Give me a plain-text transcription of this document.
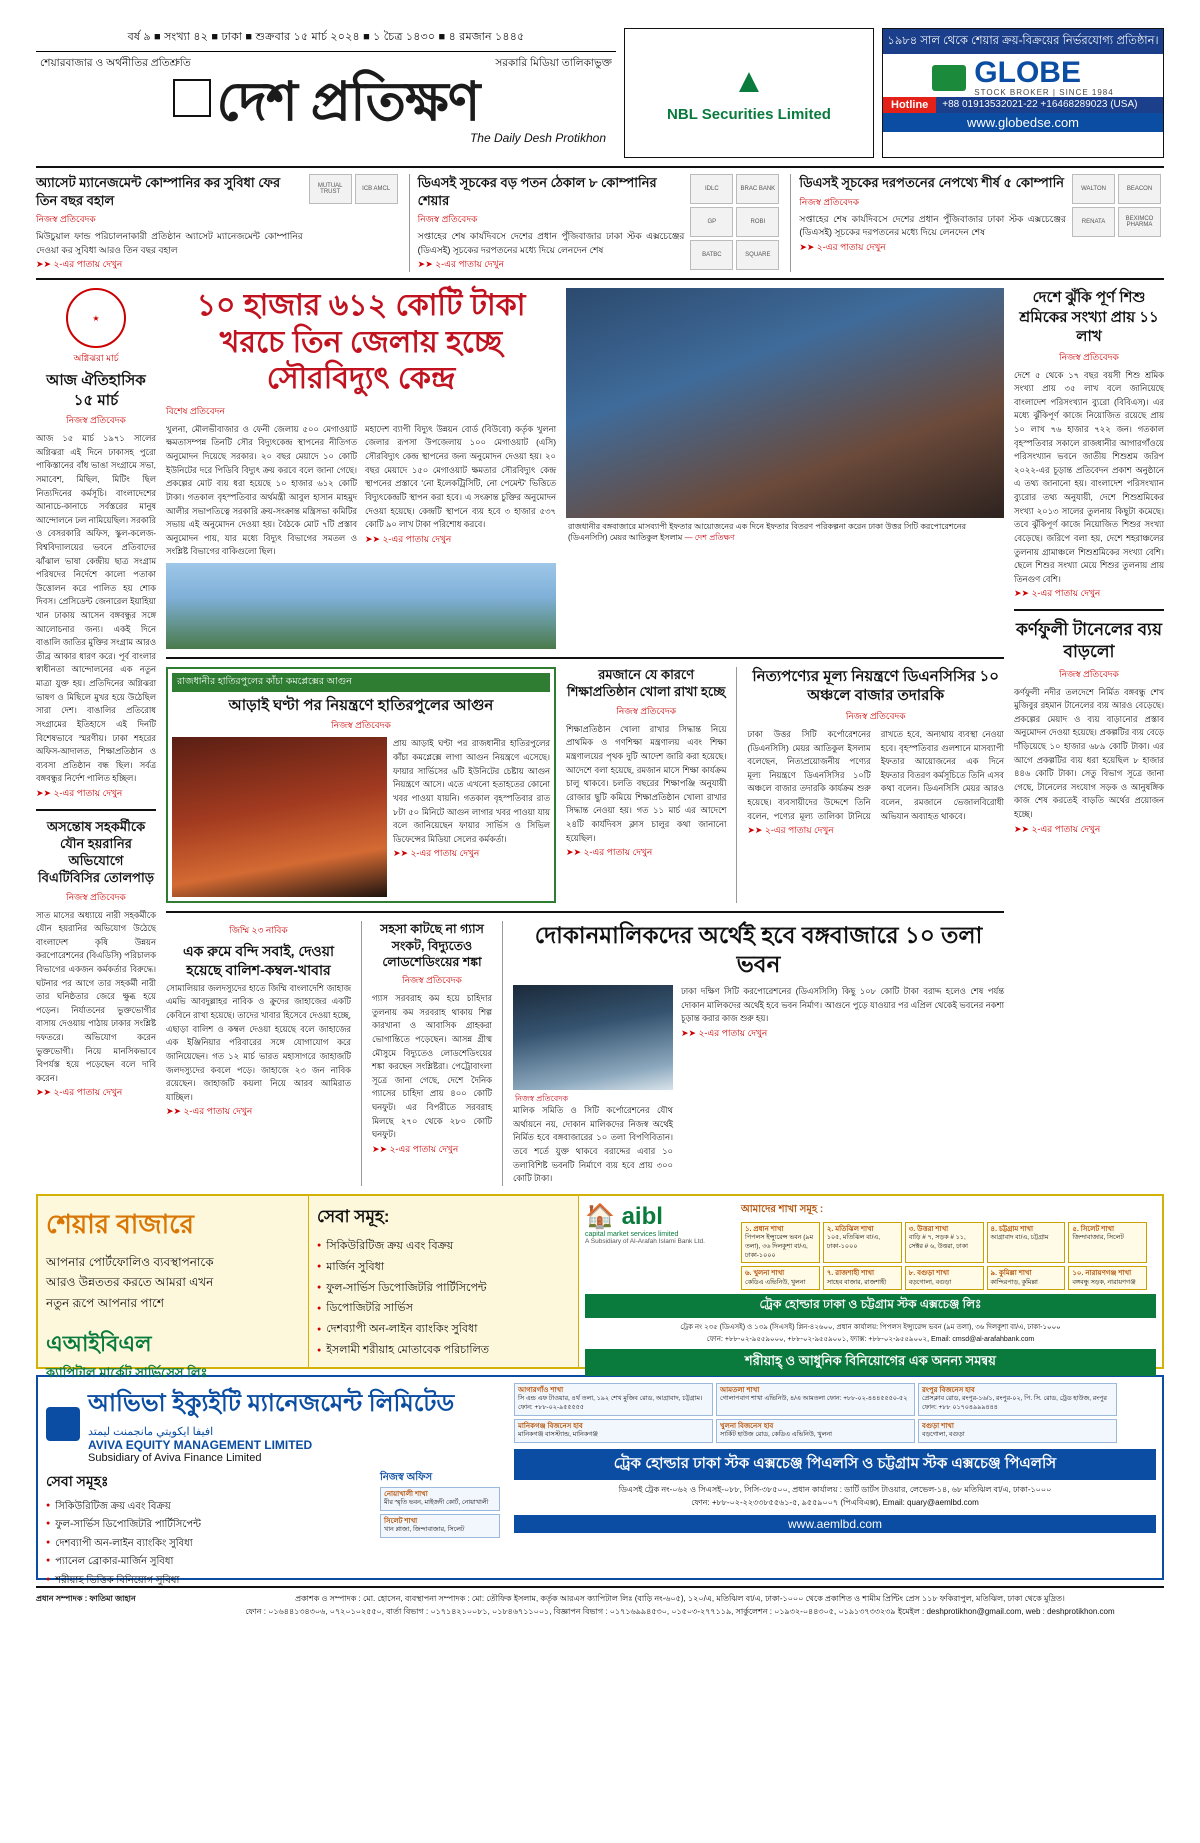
বর্ষ ৯ ■ সংখ্যা ৪২ ■ ঢাকা ■ শুক্রবার ১৫ মার্চ ২০২৪ ■ ১ চৈত্র ১৪৩০ ■ ৪ রমজান ১৪৪৫
শেয়ারবাজার ও অর্থনীতির প্রতিশ্রুতি	সরকারি মিডিয়া তালিকাভুক্ত
দেশ প্রতিক্ষণ
The Daily Desh Protikhon
▲
NBL Securities Limited
১৯৮৪ সাল থেকে শেয়ার ক্রয়-বিক্রয়ের নির্ভরযোগ্য প্রতিষ্ঠান।
GLOBE
STOCK BROKER | SINCE 1984
Hotline	+88 01913532021-22 +16468289023 (USA)
www.globedse.com
অ্যাসেট ম্যানেজমেন্ট কোম্পানির কর সুবিধা ফের তিন বছর বহাল
নিজস্ব প্রতিবেদক

মিউচুয়াল ফান্ড পরিচালনাকারী প্রতিষ্ঠান অ্যাসেট ম্যানেজমেন্ট কোম্পানির দেওয়া কর সুবিধা আরও তিন বছর বহাল

➤➤ ২-এর পাতায় দেখুন
MUTUAL TRUST	ICB AMCL	ডিএসই সূচকের বড় পতন ঠেকাল ৮ কোম্পানির শেয়ার
নিজস্ব প্রতিবেদক

সপ্তাহের শেষ কার্যদিবসে দেশের প্রধান পুঁজিবাজার ঢাকা স্টক এক্সচেঞ্জের (ডিএসই) সূচকের দরপতনের মধ্যে দিয়ে লেনদেন শেষ

➤➤ ২-এর পাতায় দেখুন
IDLC	BRAC BANK
GP	ROBI
BATBC	SQUARE
ডিএসই সূচকের দরপতনের নেপথ্যে শীর্ষ ৫ কোম্পানি
নিজস্ব প্রতিবেদক

সপ্তাহের শেষ কার্যদিবসে দেশের প্রধান পুঁজিবাজার ঢাকা স্টক এক্সচেঞ্জের (ডিএসই) সূচকের দরপতনের মধ্যে দিয়ে লেনদেন শেষ

➤➤ ২-এর পাতায় দেখুন
WALTON	BEACON
RENATA	BEXIMCO PHARMA
★
অগ্নিঝরা মার্চ
আজ ঐতিহাসিক ১৫ মার্চ
নিজস্ব প্রতিবেদক
আজ ১৫ মার্চ ১৯৭১ সালের অগ্নিঝরা এই দিনে ঢাকাসহ পুরো পাকিস্তানের বাঁধ ভাঙা সংগ্রামে সভা, সমাবেশ, মিছিল, মিটিং ছিল নিত্যদিনের কর্মসূচি। বাংলাদেশের আনাচে-কানাচে সর্বস্তরের মানুষ আন্দোলনে ঢল নামিয়েছিল। সরকারি ও বেসরকারি অফিস, স্কুল-কলেজ-বিশ্ববিদ্যালয়ের ভবনে প্রতিবাদের ঝাঁঝাল ভাষা কেন্দ্রীয় ছাত্র সংগ্রাম পরিষদের নির্দেশে কালো পতাকা উত্তোলন করে পালিত হয় শোক দিবস। প্রেসিডেন্ট জেনারেল ইয়াহিয়া খান ঢাকায় আসেন বঙ্গবন্ধুর সঙ্গে আলোচনার জন্য। একই দিনে বাঙালি জাতির মুক্তির সংগ্রাম আরও তীব্র আকার ধারণ করে। পূর্ব বাংলার স্বাধীনতা আন্দোলনের এক নতুন মাত্রা যুক্ত হয়। প্রতিদিনের অগ্নিঝরা ভাষণ ও মিছিলে মুখর হয়ে উঠেছিল সারা দেশ। বাঙালির প্রতিরোধ সংগ্রামের ইতিহাসে এই দিনটি বিশেষভাবে স্মরণীয়। ঢাকা শহরের অফিস-আদালত, শিক্ষাপ্রতিষ্ঠান ও ব্যবসা প্রতিষ্ঠান বন্ধ ছিল। সর্বত্র বঙ্গবন্ধুর নির্দেশ পালিত হচ্ছিল।
➤➤ ২-এর পাতায় দেখুন
অসন্তোষ সহকর্মীকে যৌন হয়রানির অভিযোগে বিএটিবিসির তোলপাড়
নিজস্ব প্রতিবেদক
সাত মাসের অধ্যায়ে নারী সহকর্মীকে যৌন হয়রানির অভিযোগ উঠেছে বাংলাদেশ কৃষি উন্নয়ন করপোরেশনের (বিএডিসি) পরিচালক বিভাগের একজন কর্মকর্তার বিরুদ্ধে। ঘটনার পর আগে তার সহকর্মী নারী তার ঘনিষ্ঠতার জেরে ক্ষুব্ধ হয়ে পড়েন। নির্যাতনের ভুক্তভোগীর বাসায় দেওয়ায় পাঠায় ঢাকার সংশ্লিষ্ট দফতরে। অভিযোগ করেন ভুক্তভোগী। নিয়ে মানসিকভাবে বিপর্যস্ত হয়ে পড়েছেন বলে দাবি করেন।
➤➤ ২-এর পাতায় দেখুন
১০ হাজার ৬১২ কোটি টাকা খরচে তিন জেলায় হচ্ছে সৌরবিদ্যুৎ কেন্দ্র
বিশেষ প্রতিবেদন
খুলনা, মৌলভীবাজার ও ফেনী জেলায় ৫০০ মেগাওয়াট ক্ষমতাসম্পন্ন তিনটি সৌর বিদ্যুৎকেন্দ্র স্থাপনের নীতিগত অনুমোদন দিয়েছে সরকার। ২০ বছর মেয়াদে ১০ কোটি ইউনিটের দরে পিডিবি বিদ্যুৎ ক্রয় করবে বলে জানা গেছে। প্রকল্পের মোট ব্যয় ধরা হয়েছে ১০ হাজার ৬১২ কোটি টাকা। গতকাল বৃহস্পতিবার অর্থমন্ত্রী আবুল হাসান মাহমুদ আলীর সভাপতিত্বে সরকারি ক্রয়-সংক্রান্ত মন্ত্রিসভা কমিটির সভায় এই অনুমোদন দেওয়া হয়। বৈঠকে মোট ৭টি প্রস্তাব অনুমোদন পায়, যার মধ্যে বিদ্যুৎ বিভাগের সমতল ও সংশ্লিষ্ট বিভাগের বাকিগুলো ছিল।
মহাদেশ ব্যাপী বিদ্যুৎ উন্নয়ন বোর্ড (বিউবো) কর্তৃক খুলনা জেলার রূপসা উপজেলায় ১০০ মেগাওয়াট (এসি) সৌরবিদ্যুৎ কেন্দ্র স্থাপনের জন্য অনুমোদন দেওয়া হয়। ২০ বছর মেয়াদে ১৫০ মেগাওয়াট ক্ষমতার সৌরবিদ্যুৎ কেন্দ্র স্থাপনের প্রস্তাবে 'নো ইলেকট্রিসিটি, নো পেমেন্ট' ভিত্তিতে বিদ্যুৎকেন্দ্রটি স্থাপন করা হবে। এ সংক্রান্ত চুক্তির অনুমোদন দেওয়া হয়েছে। কেন্দ্রটি স্থাপনে ব্যয় হবে ৩ হাজার ৫৩৭ কোটি ৯০ লাখ টাকা পরিশোধ করবে।
➤➤ ২-এর পাতায় দেখুন
রাজধানীর বঙ্গবাজারে মাসব্যাপী ইফতার আয়োজনের এক দিনে ইফতার বিতরণ পরিকল্পনা করেন ঢাকা উত্তর সিটি করপোরেশনের (ডিএনসিসি) মেয়র আতিকুল ইসলাম — দেশ প্রতিক্ষণ
রাজধানীর হাতিরপুলের কাঁচা কমপ্লেক্সের আগুন
আড়াই ঘণ্টা পর নিয়ন্ত্রণে হাতিরপুলের আগুন
নিজস্ব প্রতিবেদক
প্রায় আড়াই ঘণ্টা পর রাজধানীর হাতিরপুলের কাঁচা কমপ্লেক্সে লাগা আগুন নিয়ন্ত্রণে এসেছে। ফায়ার সার্ভিসের ৬টি ইউনিটের চেষ্টায় আগুন নিয়ন্ত্রণে আসে। এতে এখনো হতাহতের কোনো খবর পাওয়া যায়নি। গতকাল বৃহস্পতিবার রাত ৮টা ৫০ মিনিটে আগুন লাগার খবর পাওয়া যায় বলে জানিয়েছেন ফায়ার সার্ভিস ও সিভিল ডিফেন্সের মিডিয়া সেলের কর্মকর্তা।
➤➤ ২-এর পাতায় দেখুন
রমজানে যে কারণে শিক্ষাপ্রতিষ্ঠান খোলা রাখা হচ্ছে
নিজস্ব প্রতিবেদক
শিক্ষাপ্রতিষ্ঠান খোলা রাখার সিদ্ধান্ত নিয়ে প্রাথমিক ও গণশিক্ষা মন্ত্রণালয় এবং শিক্ষা মন্ত্রণালয়ের পৃথক দুটি আদেশ জারি করা হয়েছে। আদেশে বলা হয়েছে, রমজান মাসে শিক্ষা কার্যক্রম চালু থাকবে। চলতি বছরের শিক্ষাপঞ্জি অনুযায়ী রোজার ছুটি কমিয়ে শিক্ষাপ্রতিষ্ঠান খোলা রাখার সিদ্ধান্ত নেওয়া হয়। গত ১১ মার্চ এর আদেশে ২৪টি কার্যদিবস ক্লাস চালুর কথা জানানো হয়েছিল।
➤➤ ২-এর পাতায় দেখুন
নিত্যপণ্যের মূল্য নিয়ন্ত্রণে ডিএনসিসির ১০ অঞ্চলে বাজার তদারকি
নিজস্ব প্রতিবেদক
ঢাকা উত্তর সিটি কর্পোরেশনের (ডিএনসিসি) মেয়র আতিকুল ইসলাম বলেছেন, নিত্যপ্রয়োজনীয় পণ্যের মূল্য নিয়ন্ত্রণে ডিএনসিসির ১০টি অঞ্চলে বাজার তদারকি কার্যক্রম শুরু হয়েছে। ব্যবসায়ীদের উদ্দেশে তিনি বলেন, পণ্যের মূল্য তালিকা টানিয়ে রাখতে হবে, অন্যথায় ব্যবস্থা নেওয়া হবে। বৃহস্পতিবার গুলশানে মাসব্যাপী ইফতার আয়োজনের এক দিনে ইফতার বিতরণ কর্মসূচিতে তিনি এসব কথা বলেন। ডিএনসিসি মেয়র আরও বলেন, রমজানে ভেজালবিরোধী অভিযান অব্যাহত থাকবে।
➤➤ ২-এর পাতায় দেখুন
জিম্মি ২৩ নাবিক
এক রুমে বন্দি সবাই, দেওয়া হয়েছে বালিশ-কম্বল-খাবার
সোমালিয়ার জলদস্যুদের হাতে জিম্মি বাংলাদেশি জাহাজ এমভি আবদুল্লাহর নাবিক ও ক্রুদের জাহাজের একটি কেবিনে রাখা হয়েছে। তাদের খাবার হিসেবে দেওয়া হচ্ছে, এছাড়া বালিশ ও কম্বল দেওয়া হয়েছে বলে জাহাজের এক ইঞ্জিনিয়ার পরিবারের সঙ্গে যোগাযোগ করে জানিয়েছেন। গত ১২ মার্চ ভারত মহাসাগরে জাহাজটি জলদস্যুদের কবলে পড়ে। জাহাজে ২৩ জন নাবিক রয়েছেন। জাহাজটি কয়লা নিয়ে আরব আমিরাত যাচ্ছিল।
➤➤ ২-এর পাতায় দেখুন
সহসা কাটছে না গ্যাস সংকট, বিদ্যুতেও লোডশেডিংয়ের শঙ্কা
নিজস্ব প্রতিবেদক
গ্যাস সরবরাহ কম হয়ে চাহিদার তুলনায় কম সরবরাহ থাকায় শিল্প কারখানা ও আবাসিক গ্রাহকরা ভোগান্তিতে পড়েছেন। আসন্ন গ্রীষ্ম মৌসুমে বিদ্যুতেও লোডশেডিংয়ের শঙ্কা করছেন সংশ্লিষ্টরা। পেট্রোবাংলা সূত্রে জানা গেছে, দেশে দৈনিক গ্যাসের চাহিদা প্রায় ৪০০ কোটি ঘনফুট। এর বিপরীতে সরবরাহ মিলছে ২৭০ থেকে ২৮০ কোটি ঘনফুট।
➤➤ ২-এর পাতায় দেখুন
দোকানমালিকদের অর্থেই হবে বঙ্গবাজারে ১০ তলা ভবন
নিজস্ব প্রতিবেদক
মালিক সমিতি ও সিটি কর্পোরেশনের যৌথ অর্থায়নে নয়, দোকান মালিকদের নিজস্ব অর্থেই নির্মিত হবে বঙ্গবাজারের ১০ তলা বিপণিবিতান। তবে শর্তে যুক্ত থাকবে বরাদ্দের এবার ১০ তলাবিশিষ্ট ভবনটি নির্মাণে ব্যয় হবে প্রায় ৩০০ কোটি টাকা।
ঢাকা দক্ষিণ সিটি করপোরেশনের (ডিএসসিসি) কিছু ১০৮ কোটি টাকা বরাদ্দ হলেও শেষ পর্যন্ত দোকান মালিকদের অর্থেই হবে ভবন নির্মাণ। আগুনে পুড়ে যাওয়ার পর এপ্রিল থেকেই ভবনের নকশা চূড়ান্ত করার কাজ শুরু হয়।
➤➤ ২-এর পাতায় দেখুন
দেশে ঝুঁকি পূর্ণ শিশু শ্রমিকের সংখ্যা প্রায় ১১ লাখ
নিজস্ব প্রতিবেদক
দেশে ৫ থেকে ১৭ বছর বয়সী শিশু শ্রমিক সংখ্যা প্রায় ৩৫ লাখ বলে জানিয়েছে বাংলাদেশ পরিসংখ্যান ব্যুরো (বিবিএস)। এর মধ্যে ঝুঁকিপূর্ণ কাজে নিয়োজিত রয়েছে প্রায় ১০ লাখ ৭৬ হাজার ৭২২ জন। গতকাল বৃহস্পতিবার সকালে রাজধানীর আগারগাঁওয়ে পরিসংখ্যান ভবনে জাতীয় শিশুশ্রম জরিপ ২০২২-এর চূড়ান্ত প্রতিবেদন প্রকাশ অনুষ্ঠানে এ তথ্য জানানো হয়। বাংলাদেশ পরিসংখ্যান ব্যুরোর তথ্য অনুযায়ী, দেশে শিশুশ্রমিকের সংখ্যা ২০১৩ সালের তুলনায় কিছুটা কমেছে। তবে ঝুঁকিপূর্ণ কাজে নিয়োজিত শিশুর সংখ্যা বেড়েছে। জরিপে বলা হয়, দেশে শহরাঞ্চলের তুলনায় গ্রামাঞ্চলে শিশুশ্রমিকের সংখ্যা বেশি। ছেলে শিশুর সংখ্যা মেয়ে শিশুর তুলনায় প্রায় তিনগুণ বেশি।
➤➤ ২-এর পাতায় দেখুন
কর্ণফুলী টানেলের ব্যয় বাড়লো
নিজস্ব প্রতিবেদক
কর্ণফুলী নদীর তলদেশে নির্মিত বঙ্গবন্ধু শেখ মুজিবুর রহমান টানেলের ব্যয় আরও বেড়েছে। প্রকল্পের মেয়াদ ও ব্যয় বাড়ানোর প্রস্তাব অনুমোদন দেওয়া হয়েছে। প্রকল্পটির ব্যয় বেড়ে দাঁড়িয়েছে ১০ হাজার ৬৮৯ কোটি টাকা। এর আগে প্রকল্পটির ব্যয় ধরা হয়েছিল ৮ হাজার ৪৪৬ কোটি টাকা। সেতু বিভাগ সূত্রে জানা গেছে, টানেলের সংযোগ সড়ক ও আনুষঙ্গিক কাজ শেষ করতেই বাড়তি অর্থের প্রয়োজন হচ্ছে।
➤➤ ২-এর পাতায় দেখুন
শেয়ার বাজারে
আপনার পোর্টফোলিও ব্যবস্থাপনাকে
আরও উন্নততর করতে আমরা এখন
নতুন রূপে আপনার পাশে
এআইবিএল
ক্যাপিটাল মার্কেট সার্ভিসেস লিঃ
সেবা সমূহ:
● সিকিউরিটিজ ক্রয় এবং বিক্রয়
● মার্জিন সুবিধা
● ফুল-সার্ভিস ডিপোজিটরি পার্টিসিপেন্ট
● ডিপোজিটরি সার্ভিস
● দেশব্যাপী অন-লাইন ব্যাংকিং সুবিধা
● ইসলামী শরীয়াহ মোতাবেক পরিচালিত
🏠 aibl
capital market services limited
A Subsidiary of Al-Arafah Islami Bank Ltd.
আমাদের শাখা সমূহ :
১. প্রধান শাখা
পিপলস ইন্স্যুরেন্স ভবন (৯ম তলা), ৩৬ দিলকুশা বা/এ, ঢাকা-১০০০
২. মতিঝিল শাখা
১০৫, মতিঝিল বা/এ, ঢাকা-১০০০
৩. উত্তরা শাখা
বাড়ি # ৭, সড়ক # ১১, সেক্টর # ৬, উত্তরা, ঢাকা
৪. চট্টগ্রাম শাখা
আগ্রাবাদ বা/এ, চট্টগ্রাম
৫. সিলেট শাখা
জিন্দাবাজার, সিলেট
৬. খুলনা শাখা
কেডিএ এভিনিউ, খুলনা
৭. রাজশাহী শাখা
সাহেব বাজার, রাজশাহী
৮. বগুড়া শাখা
বড়গোলা, বগুড়া
৯. কুমিল্লা শাখা
কান্দিরপাড়, কুমিল্লা
১০. নারায়ণগঞ্জ শাখা
বঙ্গবন্ধু সড়ক, নারায়ণগঞ্জ
ট্রেক হোল্ডার ঢাকা ও চট্টগ্রাম স্টক এক্সচেঞ্জ লিঃ
ট্রেক নং ২৩৫ (ডিএসই) ও ১৩৯ (সিএসই) প্লিন-৪২৬০০, প্রধান কার্যালয়: পিপলস ইন্স্যুরেন্স ভবন (৯ম তলা), ৩৬ দিলকুশা বা/এ, ঢাকা-১০০০
ফোন: +৮৮-০২-৯৫৫৯০০০, +৮৮-০২-৯৫৫৯০০১, ফ্যাক্স: +৮৮-০২-৯৫৫৯০০২, Email: cmsd@al-arafahbank.com
শরীয়াহ্ ও আধুনিক বিনিয়োগের এক অনন্য সমন্বয়
আভিভা ইক্যুইটি ম্যানেজমেন্ট লিমিটেড
افيفا ايكويتي مانجمنت ليمتد
AVIVA EQUITY MANAGEMENT LIMITED
Subsidiary of Aviva Finance Limited
সেবা সমূহঃ
● সিকিউরিটিজ ক্রয় এবং বিক্রয়
● ফুল-সার্ভিস ডিপোজিটরি পার্টিসিপেন্ট
● দেশব্যাপী অন-লাইন ব্যাংকিং সুবিধা
● প্যানেল ব্রোকার-মার্জিন সুবিধা
● শরীয়াহ ভিত্তিক বিনিয়োগ সুবিধা
নিজস্ব অফিস
নোয়াখালী শাখা
মীর স্মৃতি ভবন, মাইজদী কোর্ট, নোয়াখালী
সিলেট শাখা
খান প্লাজা, জিন্দাবাজার, সিলেট
আগারগাঁও শাখা
সি এন্ড এফ টাওয়ার, ৪র্থ তলা, ১৯২ শেখ মুজিব রোড, আগ্রাবাদ, চট্টগ্রাম। ফোন: +৮৮-০২-৯৫৫৫৫৫
আমতলা শাখা
গোলাপবাগ শাখা এভিনিউ, ৪/এ আমতলা ফোন: +৮৮-০২-৪৪৪৫৫৫০-৫২
রংপুর বিজনেস হাব
প্রেসক্লাব রোড, রংপুর-১৬/১, রংপুর-০২, পি. সি. রোড, ট্রেড হাউজ, রংপুর ফোন: +৮৮ ০১৭০৪৯৯৯৪৪৪
মানিকগঞ্জ বিজনেস হাব
মানিকগঞ্জ বাসস্ট্যান্ড, মানিকগঞ্জ
খুলনা বিজনেস হাব
সার্কিট হাউজ রোড, কেডিএ এভিনিউ, খুলনা
বগুড়া শাখা
বড়গোলা, বগুড়া
ট্রেক হোল্ডার ঢাকা স্টক এক্সচেঞ্জ পিএলসি ও চট্টগ্রাম স্টক এক্সচেঞ্জ পিএলসি
ডিএসই ট্রেক নং-০৬২ ও সিএসই-০৮৮, সিসি-৩৮৫০০, প্রধান কার্যালয় : ডার্টি ডার্টস টাওয়ার, লেভেল-১৪, ৬৮ মতিঝিল বা/এ, ঢাকা-১০০০
ফোন: +৮৮-০২-২২৩৩৮৫৫৬১-৫, ৯৫৫৯০০৭ (পিএবিএক্স), Email: quary@aemlbd.com
www.aemlbd.com
প্রধান সম্পাদক : ফাতিমা জাহান	প্রকাশক ও সম্পাদক : মো. হোসেন, ব্যবস্থাপনা সম্পাদক : মো: তৌফিক ইসলাম, কর্তৃক আরএস ক্যাপিটাল লিঃ (বাড়ি নং-৬০৫), ১২০/এ, মতিঝিল বা/এ, ঢাকা-১০০০ থেকে প্রকাশিত ও শামীম প্রিন্টিং প্রেস ১১৮ ফকিরাপুল, মতিঝিল, ঢাকা থেকে মুদ্রিত।
ফোন : ০১৬৪৪১৩৪৩০৬, ০৭২০১০২৫৫০, বার্তা বিভাগ : ০১৭১৪২১০০৮১, ০১৮৪৬৭১১০০১, বিজ্ঞাপন বিভাগ : ০১৭১৬৯৯৪৫৩০, ০১৫০৩-২৭৭১১৯, সার্কুলেশন : ০১৯৩২-০৪৪৩০৫, ০১৯১৩৭৩৩২৩৯ ইমেইল : deshprotikhon@gmail.com, web : deshprotikhon.com
